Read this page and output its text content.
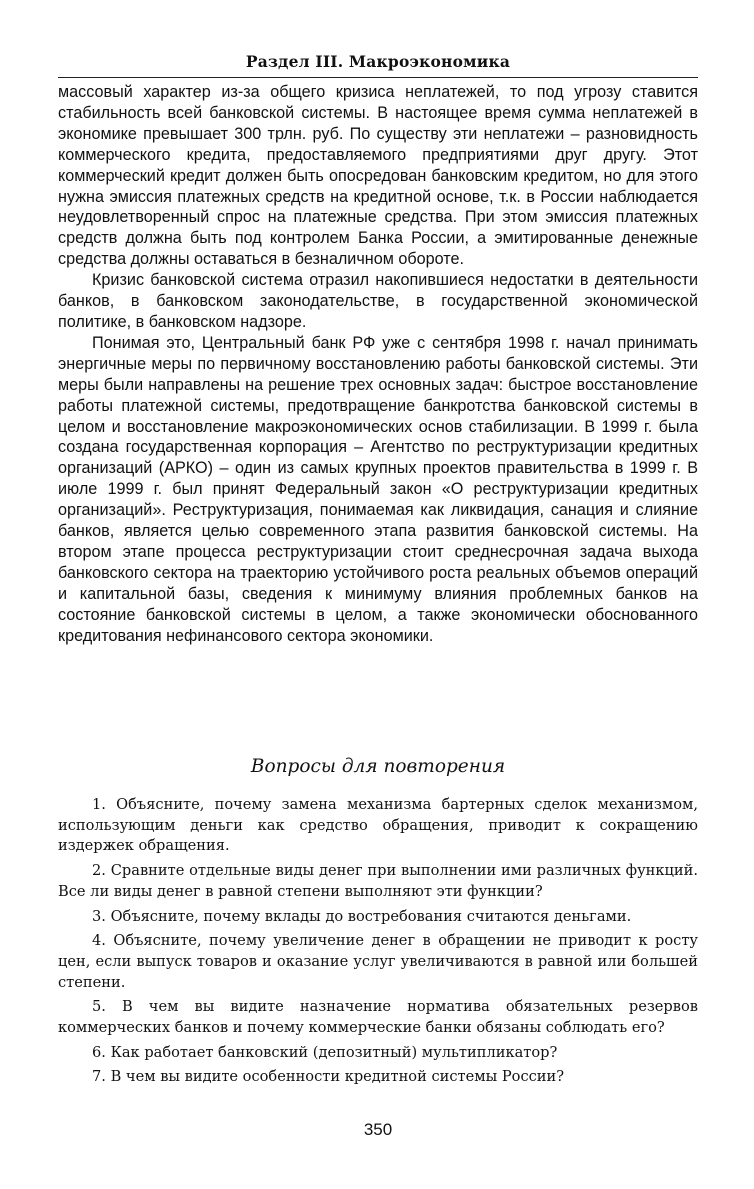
Раздел III. Макроэкономика

массовый характер из-за общего кризиса неплатежей, то под угрозу ставится стабильность всей банковской системы. В настоящее время сумма неплатежей в экономике превышает 300 трлн. руб. По существу эти неплатежи – разновидность коммерческого кредита, предоставляемого предприятиями друг другу. Этот коммерческий кредит должен быть опосредован банковским кредитом, но для этого нужна эмиссия платежных средств на кредитной основе, т.к. в России наблюдается неудовлетворенный спрос на платежные средства. При этом эмиссия платежных средств должна быть под контролем Банка России, а эмитированные денежные средства должны оставаться в безналичном обороте.

Кризис банковской система отразил накопившиеся недостатки в деятельности банков, в банковском законодательстве, в государственной экономической политике, в банковском надзоре.

Понимая это, Центральный банк РФ уже с сентября 1998 г. начал принимать энергичные меры по первичному восстановлению работы банковской системы. Эти меры были направлены на решение трех основных задач: быстрое восстановление работы платежной системы, предотвращение банкротства банковской системы в целом и восстановление макроэкономических основ стабилизации. В 1999 г. была создана государственная корпорация – Агентство по реструктуризации кредитных организаций (АРКО) – один из самых крупных проектов правительства в 1999 г. В июле 1999 г. был принят Федеральный закон «О реструктуризации кредитных организаций». Реструктуризация, понимаемая как ликвидация, санация и слияние банков, является целью современного этапа развития банковской системы. На втором этапе процесса реструктуризации стоит среднесрочная задача выхода банковского сектора на траекторию устойчивого роста реальных объемов операций и капитальной базы, сведения к минимуму влияния проблемных банков на состояние банковской системы в целом, а также экономически обоснованного кредитования нефинансового сектора экономики.

Вопросы для повторения

1. Объясните, почему замена механизма бартерных сделок механизмом, использующим деньги как средство обращения, приводит к сокращению издержек обращения.

2. Сравните отдельные виды денег при выполнении ими различных функций. Все ли виды денег в равной степени выполняют эти функции?

3. Объясните, почему вклады до востребования считаются деньгами.

4. Объясните, почему увеличение денег в обращении не приводит к росту цен, если выпуск товаров и оказание услуг увеличиваются в равной или большей степени.

5. В чем вы видите назначение норматива обязательных резервов коммерческих банков и почему коммерческие банки обязаны соблюдать его?

6. Как работает банковский (депозитный) мультипликатор?

7. В чем вы видите особенности кредитной системы России?

350
